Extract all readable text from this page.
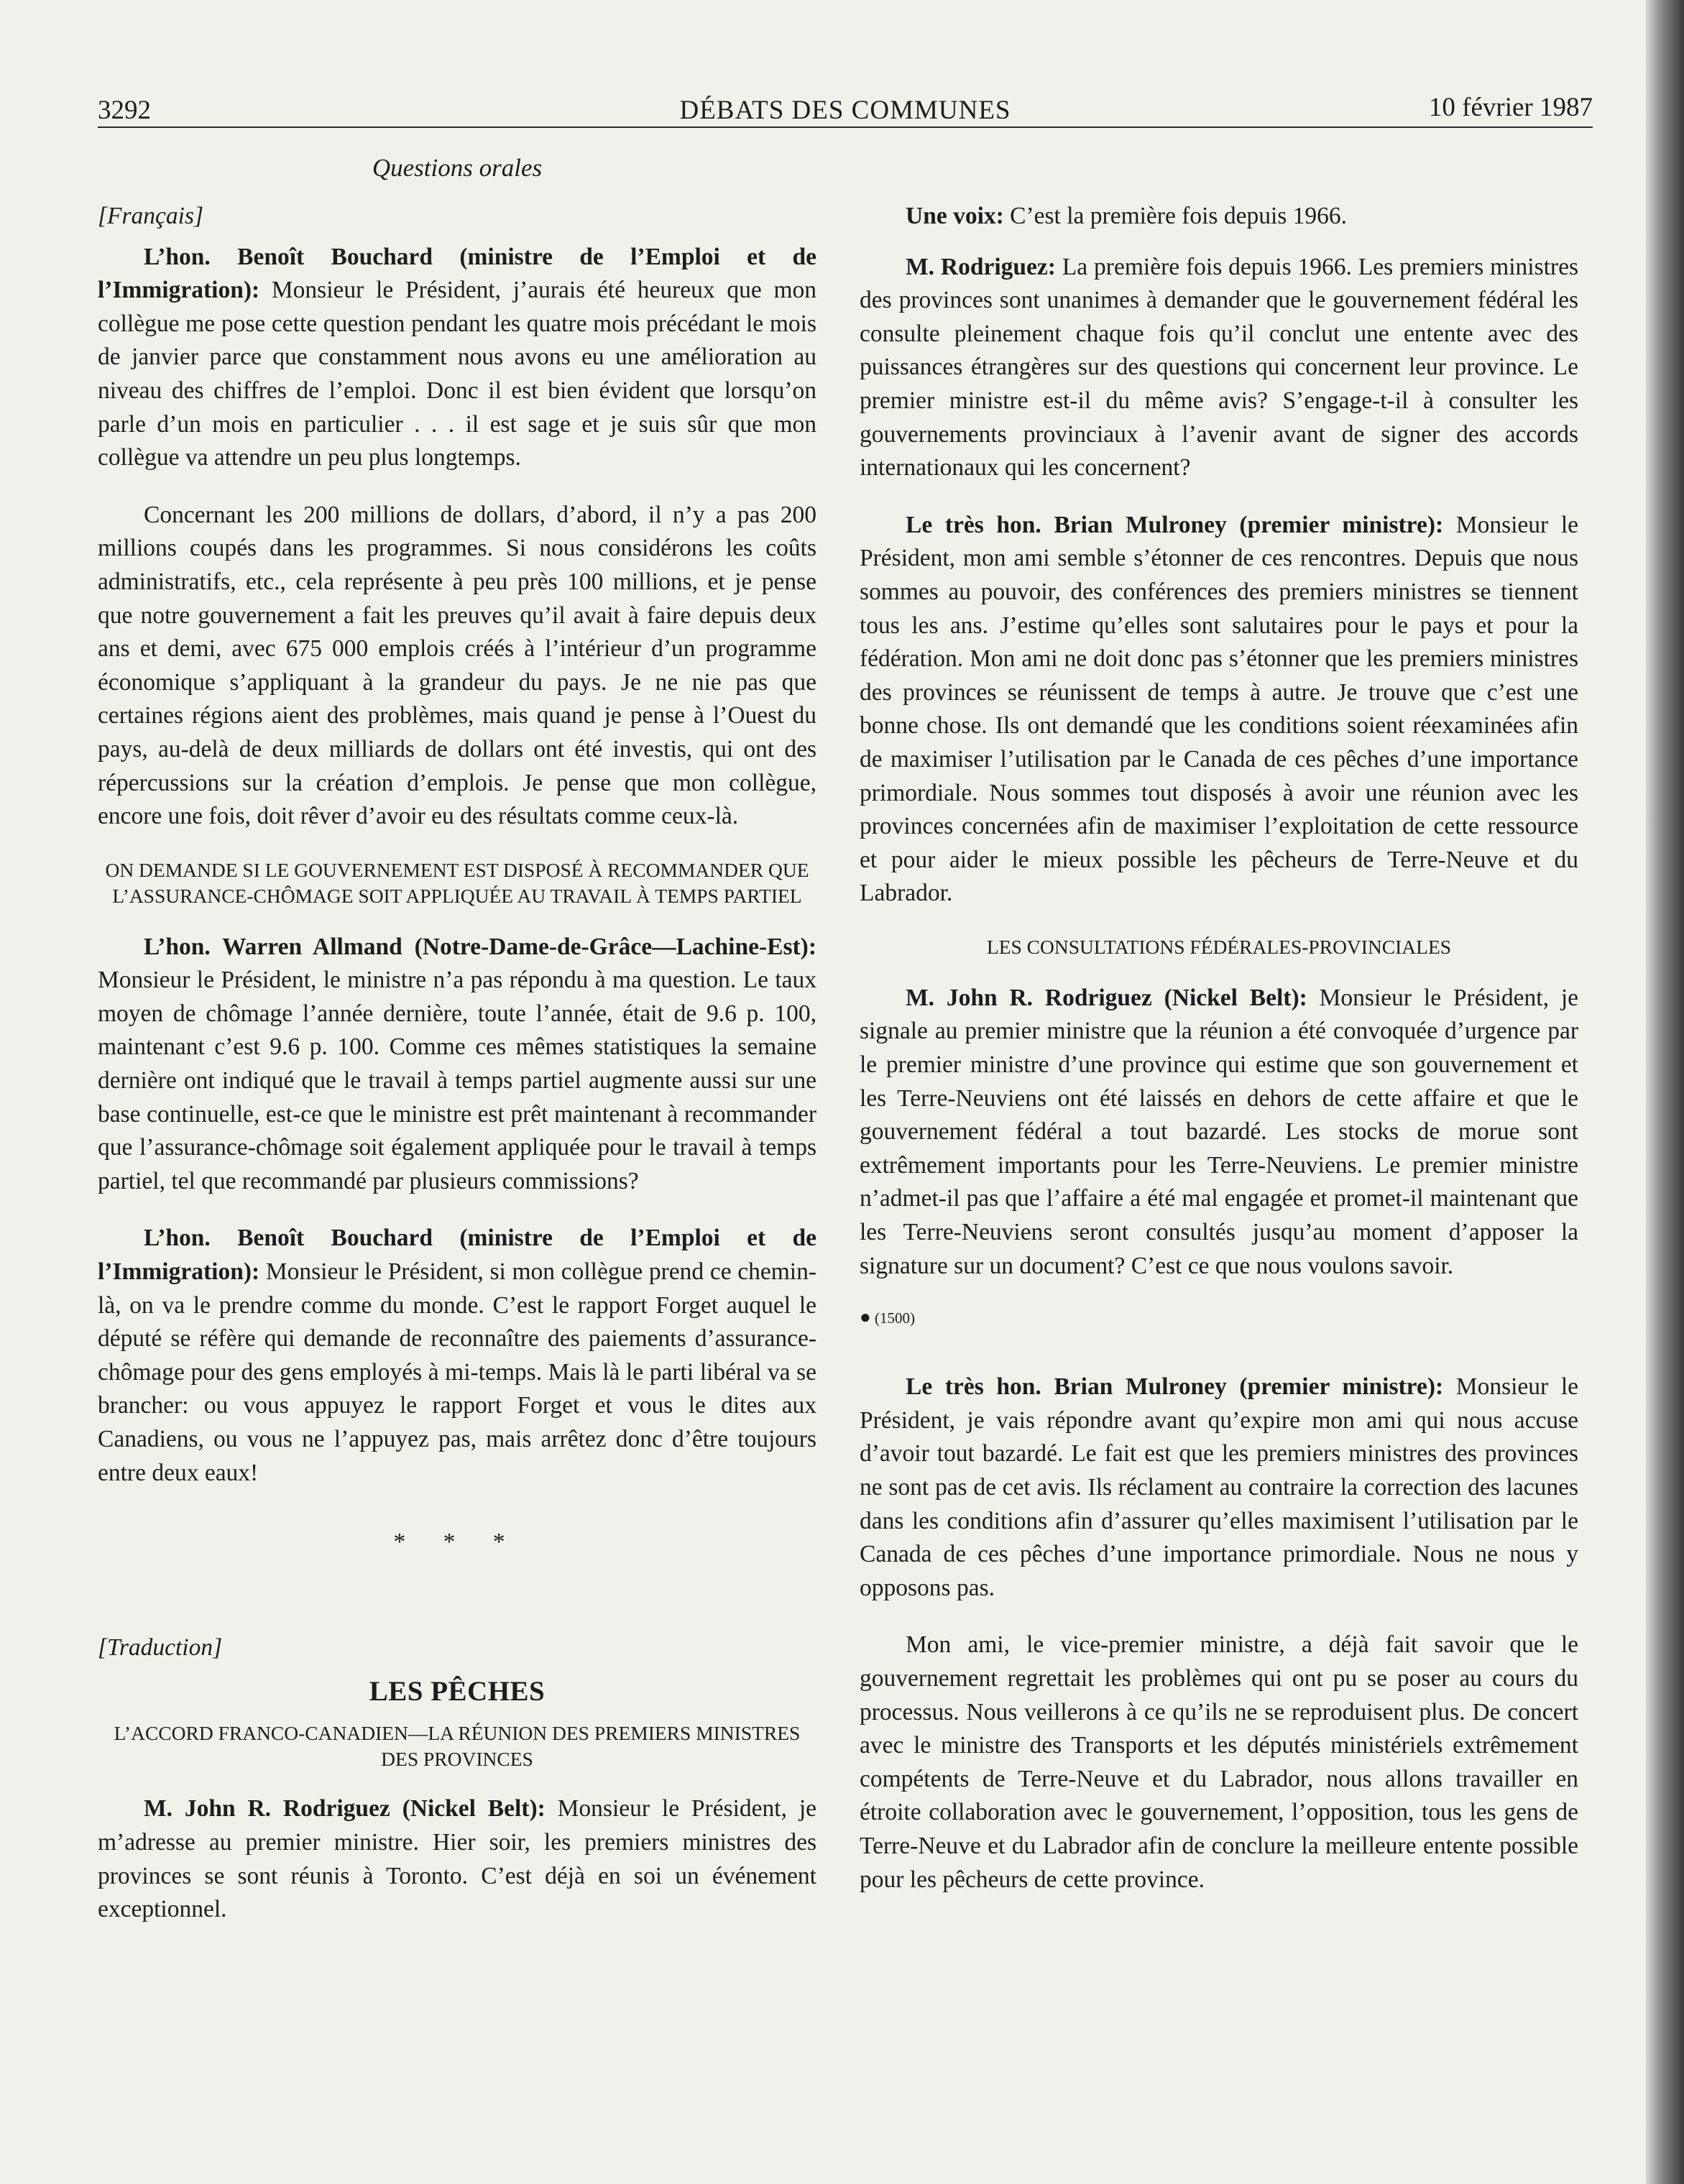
3292	DÉBATS DES COMMUNES	10 février 1987
Questions orales

[Français]

L’hon. Benoît Bouchard (ministre de l’Emploi et de l’Immigration): Monsieur le Président, j’aurais été heureux que mon collègue me pose cette question pendant les quatre mois précédant le mois de janvier parce que constamment nous avons eu une amélioration au niveau des chiffres de l’emploi. Donc il est bien évident que lorsqu’on parle d’un mois en particulier . . . il est sage et je suis sûr que mon collègue va attendre un peu plus longtemps.

Concernant les 200 millions de dollars, d’abord, il n’y a pas 200 millions coupés dans les programmes. Si nous considérons les coûts administratifs, etc., cela représente à peu près 100 millions, et je pense que notre gouvernement a fait les preuves qu’il avait à faire depuis deux ans et demi, avec 675 000 emplois créés à l’intérieur d’un programme économique s’appliquant à la grandeur du pays. Je ne nie pas que certaines régions aient des problèmes, mais quand je pense à l’Ouest du pays, au-delà de deux milliards de dollars ont été investis, qui ont des répercussions sur la création d’emplois. Je pense que mon collègue, encore une fois, doit rêver d’avoir eu des résultats comme ceux-là.

ON DEMANDE SI LE GOUVERNEMENT EST DISPOSÉ À RECOMMANDER QUE L’ASSURANCE-CHÔMAGE SOIT APPLIQUÉE AU TRAVAIL À TEMPS PARTIEL

L’hon. Warren Allmand (Notre-Dame-de-Grâce—Lachine-Est): Monsieur le Président, le ministre n’a pas répondu à ma question. Le taux moyen de chômage l’année dernière, toute l’année, était de 9.6 p. 100, maintenant c’est 9.6 p. 100. Comme ces mêmes statistiques la semaine dernière ont indiqué que le travail à temps partiel augmente aussi sur une base continuelle, est-ce que le ministre est prêt maintenant à recommander que l’assurance-chômage soit également appliquée pour le travail à temps partiel, tel que recommandé par plusieurs commissions?

L’hon. Benoît Bouchard (ministre de l’Emploi et de l’Immigration): Monsieur le Président, si mon collègue prend ce chemin-là, on va le prendre comme du monde. C’est le rapport Forget auquel le député se réfère qui demande de reconnaître des paiements d’assurance-chômage pour des gens employés à mi-temps. Mais là le parti libéral va se brancher: ou vous appuyez le rapport Forget et vous le dites aux Canadiens, ou vous ne l’appuyez pas, mais arrêtez donc d’être toujours entre deux eaux!

* * *

[Traduction]

LES PÊCHES
L’ACCORD FRANCO-CANADIEN—LA RÉUNION DES PREMIERS MINISTRES DES PROVINCES

M. John R. Rodriguez (Nickel Belt): Monsieur le Président, je m’adresse au premier ministre. Hier soir, les premiers ministres des provinces se sont réunis à Toronto. C’est déjà en soi un événement exceptionnel.

Une voix: C’est la première fois depuis 1966.

M. Rodriguez: La première fois depuis 1966. Les premiers ministres des provinces sont unanimes à demander que le gouvernement fédéral les consulte pleinement chaque fois qu’il conclut une entente avec des puissances étrangères sur des questions qui concernent leur province. Le premier ministre est-il du même avis? S’engage-t-il à consulter les gouvernements provinciaux à l’avenir avant de signer des accords internationaux qui les concernent?

Le très hon. Brian Mulroney (premier ministre): Monsieur le Président, mon ami semble s’étonner de ces rencontres. Depuis que nous sommes au pouvoir, des conférences des premiers ministres se tiennent tous les ans. J’estime qu’elles sont salutaires pour le pays et pour la fédération. Mon ami ne doit donc pas s’étonner que les premiers ministres des provinces se réunissent de temps à autre. Je trouve que c’est une bonne chose. Ils ont demandé que les conditions soient réexaminées afin de maximiser l’utilisation par le Canada de ces pêches d’une importance primordiale. Nous sommes tout disposés à avoir une réunion avec les provinces concernées afin de maximiser l’exploitation de cette ressource et pour aider le mieux possible les pêcheurs de Terre-Neuve et du Labrador.

LES CONSULTATIONS FÉDÉRALES-PROVINCIALES

M. John R. Rodriguez (Nickel Belt): Monsieur le Président, je signale au premier ministre que la réunion a été convoquée d’urgence par le premier ministre d’une province qui estime que son gouvernement et les Terre-Neuviens ont été laissés en dehors de cette affaire et que le gouvernement fédéral a tout bazardé. Les stocks de morue sont extrêmement importants pour les Terre-Neuviens. Le premier ministre n’admet-il pas que l’affaire a été mal engagée et promet-il maintenant que les Terre-Neuviens seront consultés jusqu’au moment d’apposer la signature sur un document? C’est ce que nous voulons savoir.

● (1500)

Le très hon. Brian Mulroney (premier ministre): Monsieur le Président, je vais répondre avant qu’expire mon ami qui nous accuse d’avoir tout bazardé. Le fait est que les premiers ministres des provinces ne sont pas de cet avis. Ils réclament au contraire la correction des lacunes dans les conditions afin d’assurer qu’elles maximisent l’utilisation par le Canada de ces pêches d’une importance primordiale. Nous ne nous y opposons pas.

Mon ami, le vice-premier ministre, a déjà fait savoir que le gouvernement regrettait les problèmes qui ont pu se poser au cours du processus. Nous veillerons à ce qu’ils ne se reproduisent plus. De concert avec le ministre des Transports et les députés ministériels extrêmement compétents de Terre-Neuve et du Labrador, nous allons travailler en étroite collaboration avec le gouvernement, l’opposition, tous les gens de Terre-Neuve et du Labrador afin de conclure la meilleure entente possible pour les pêcheurs de cette province.
